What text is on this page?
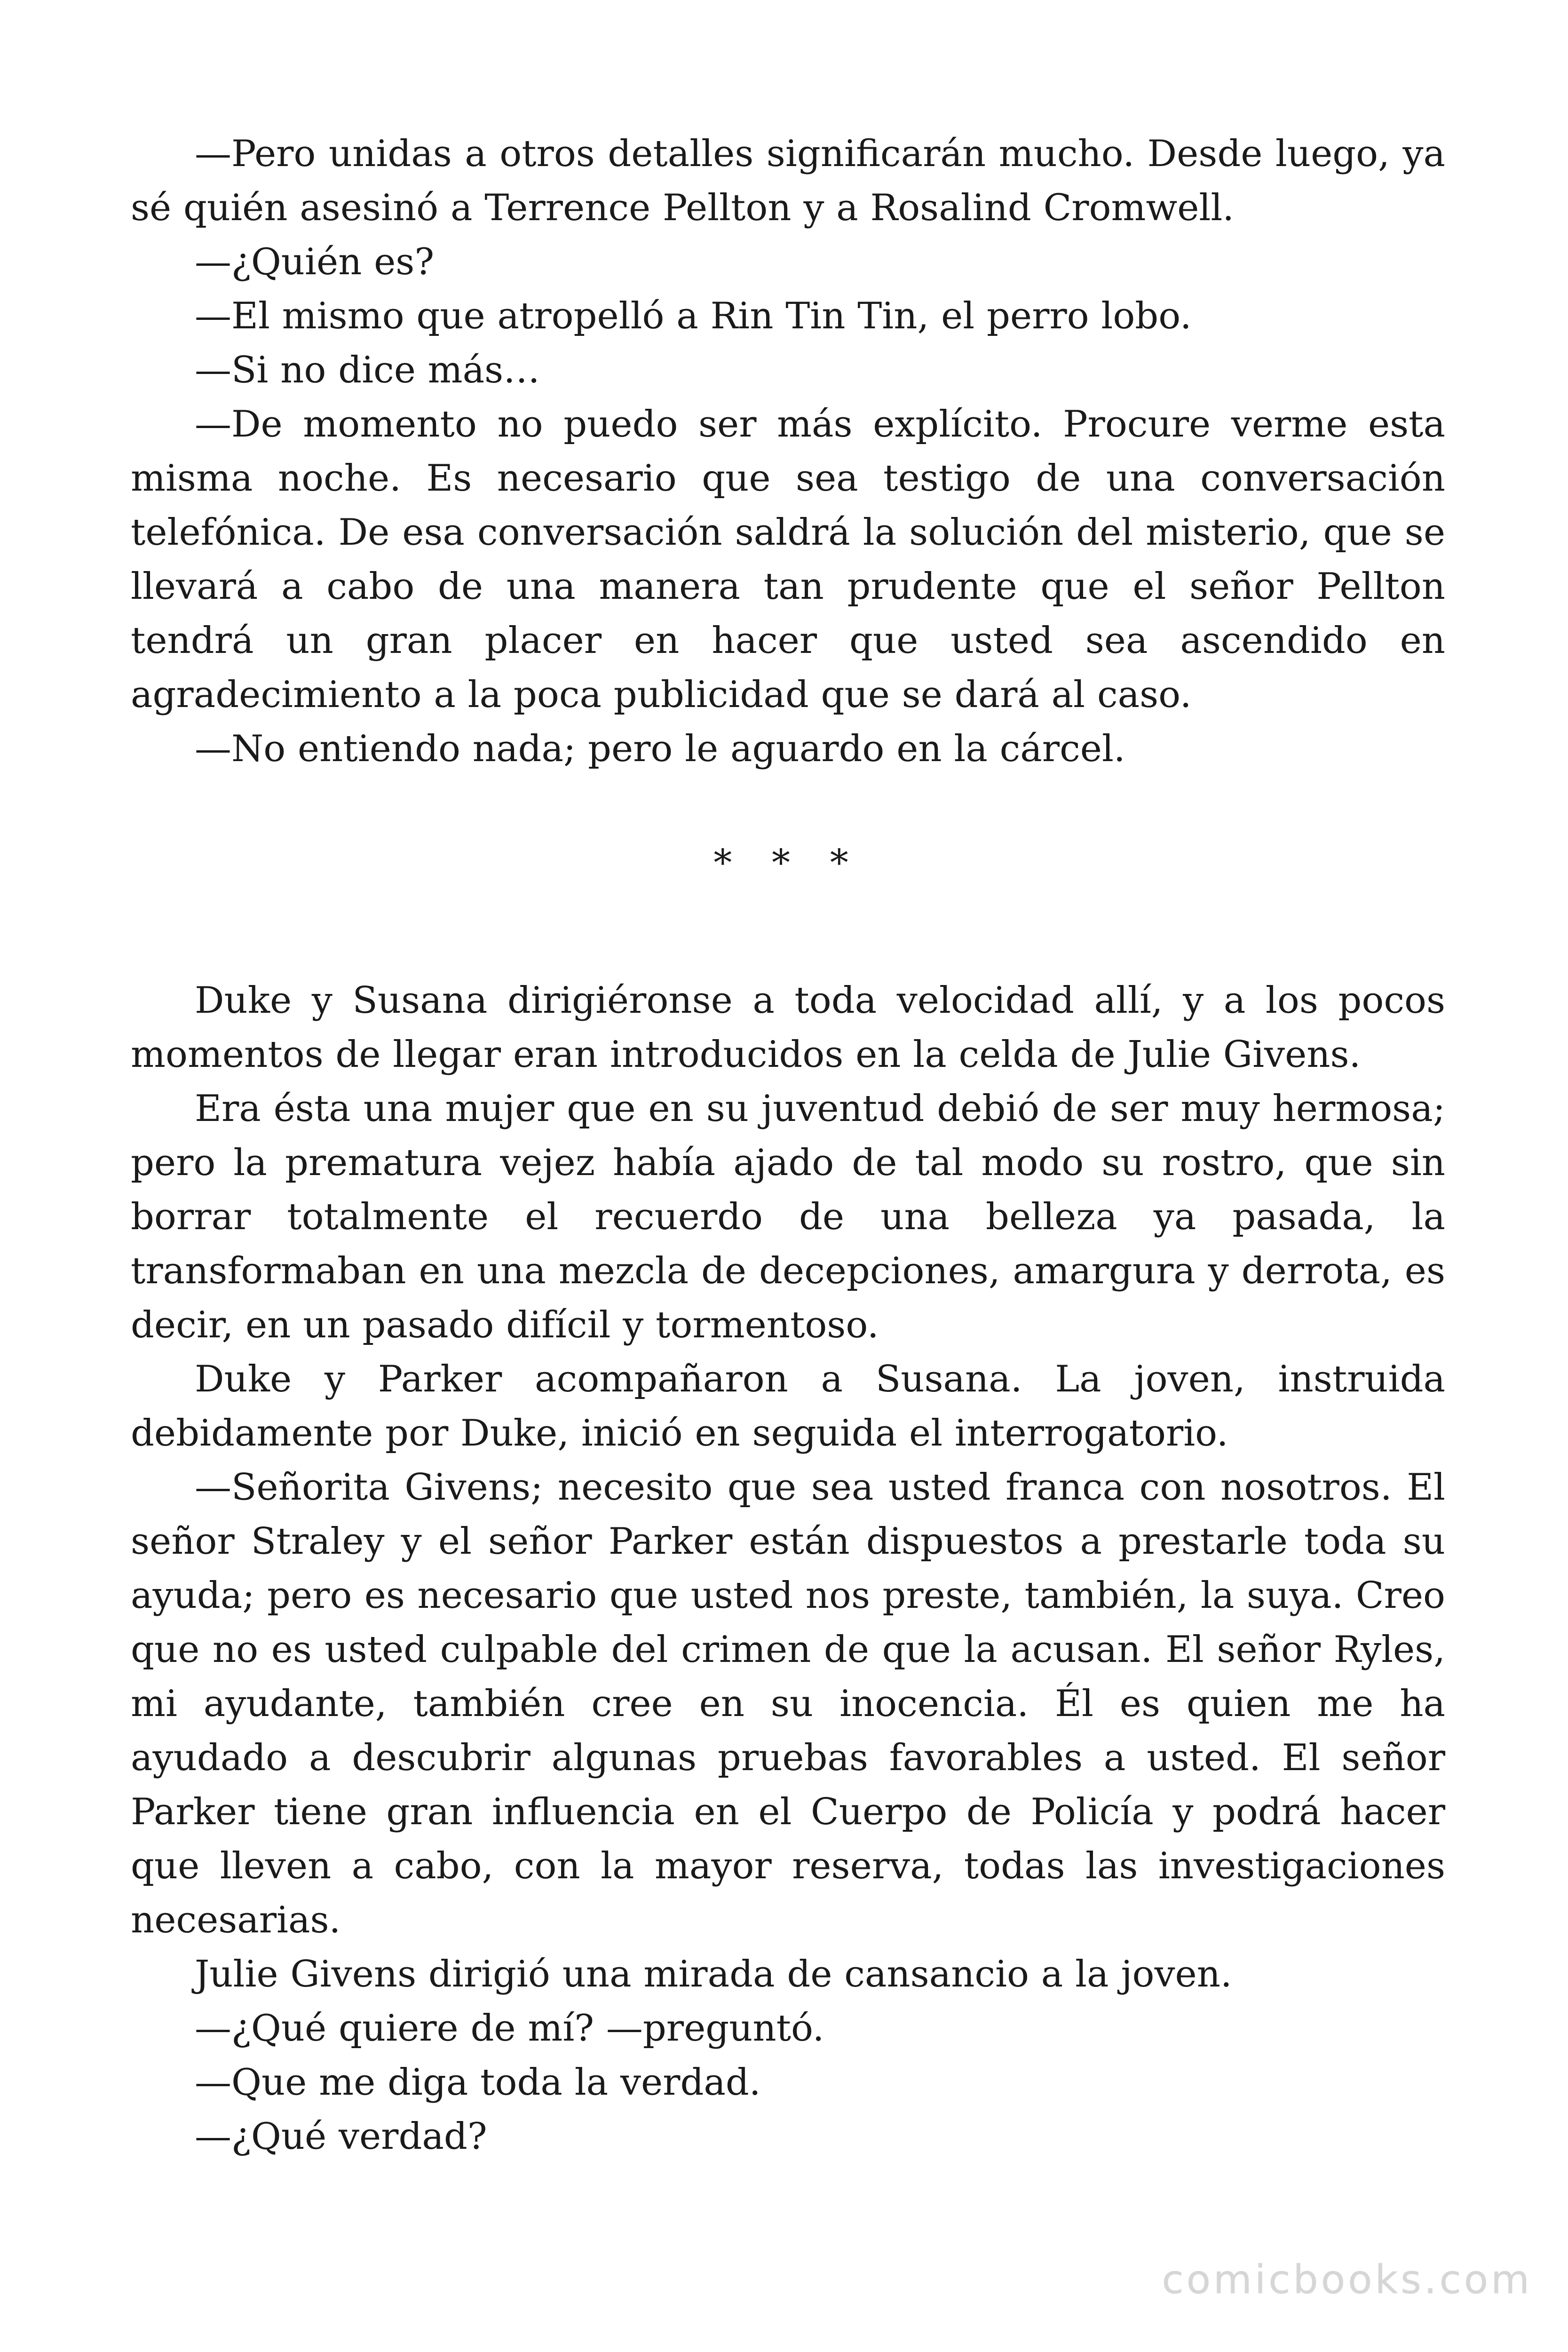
—Pero unidas a otros detalles significarán mucho. Desde luego, ya sé quién asesinó a Terrence Pellton y a Rosalind Cromwell.

—¿Quién es?

—El mismo que atropelló a Rin Tin Tin, el perro lobo.

—Si no dice más…

—De momento no puedo ser más explícito. Procure verme esta misma noche. Es necesario que sea testigo de una conversación telefónica. De esa conversación saldrá la solución del misterio, que se llevará a cabo de una manera tan prudente que el señor Pellton tendrá un gran placer en hacer que usted sea ascendido en agradecimiento a la poca publicidad que se dará al caso.

—No entiendo nada; pero le aguardo en la cárcel.

* * *

Duke y Susana dirigiéronse a toda velocidad allí, y a los pocos momentos de llegar eran introducidos en la celda de Julie Givens.

Era ésta una mujer que en su juventud debió de ser muy hermosa; pero la prematura vejez había ajado de tal modo su rostro, que sin borrar totalmente el recuerdo de una belleza ya pasada, la transformaban en una mezcla de decepciones, amargura y derrota, es decir, en un pasado difícil y tormentoso.

Duke y Parker acompañaron a Susana. La joven, instruida debidamente por Duke, inició en seguida el interrogatorio.

—Señorita Givens; necesito que sea usted franca con nosotros. El señor Straley y el señor Parker están dispuestos a prestarle toda su ayuda; pero es necesario que usted nos preste, también, la suya. Creo que no es usted culpable del crimen de que la acusan. El señor Ryles, mi ayudante, también cree en su inocencia. Él es quien me ha ayudado a descubrir algunas pruebas favorables a usted. El señor Parker tiene gran influencia en el Cuerpo de Policía y podrá hacer que lleven a cabo, con la mayor reserva, todas las investigaciones necesarias.

Julie Givens dirigió una mirada de cansancio a la joven.

—¿Qué quiere de mí? —preguntó.

—Que me diga toda la verdad.

—¿Qué verdad?

comicbooks.com
